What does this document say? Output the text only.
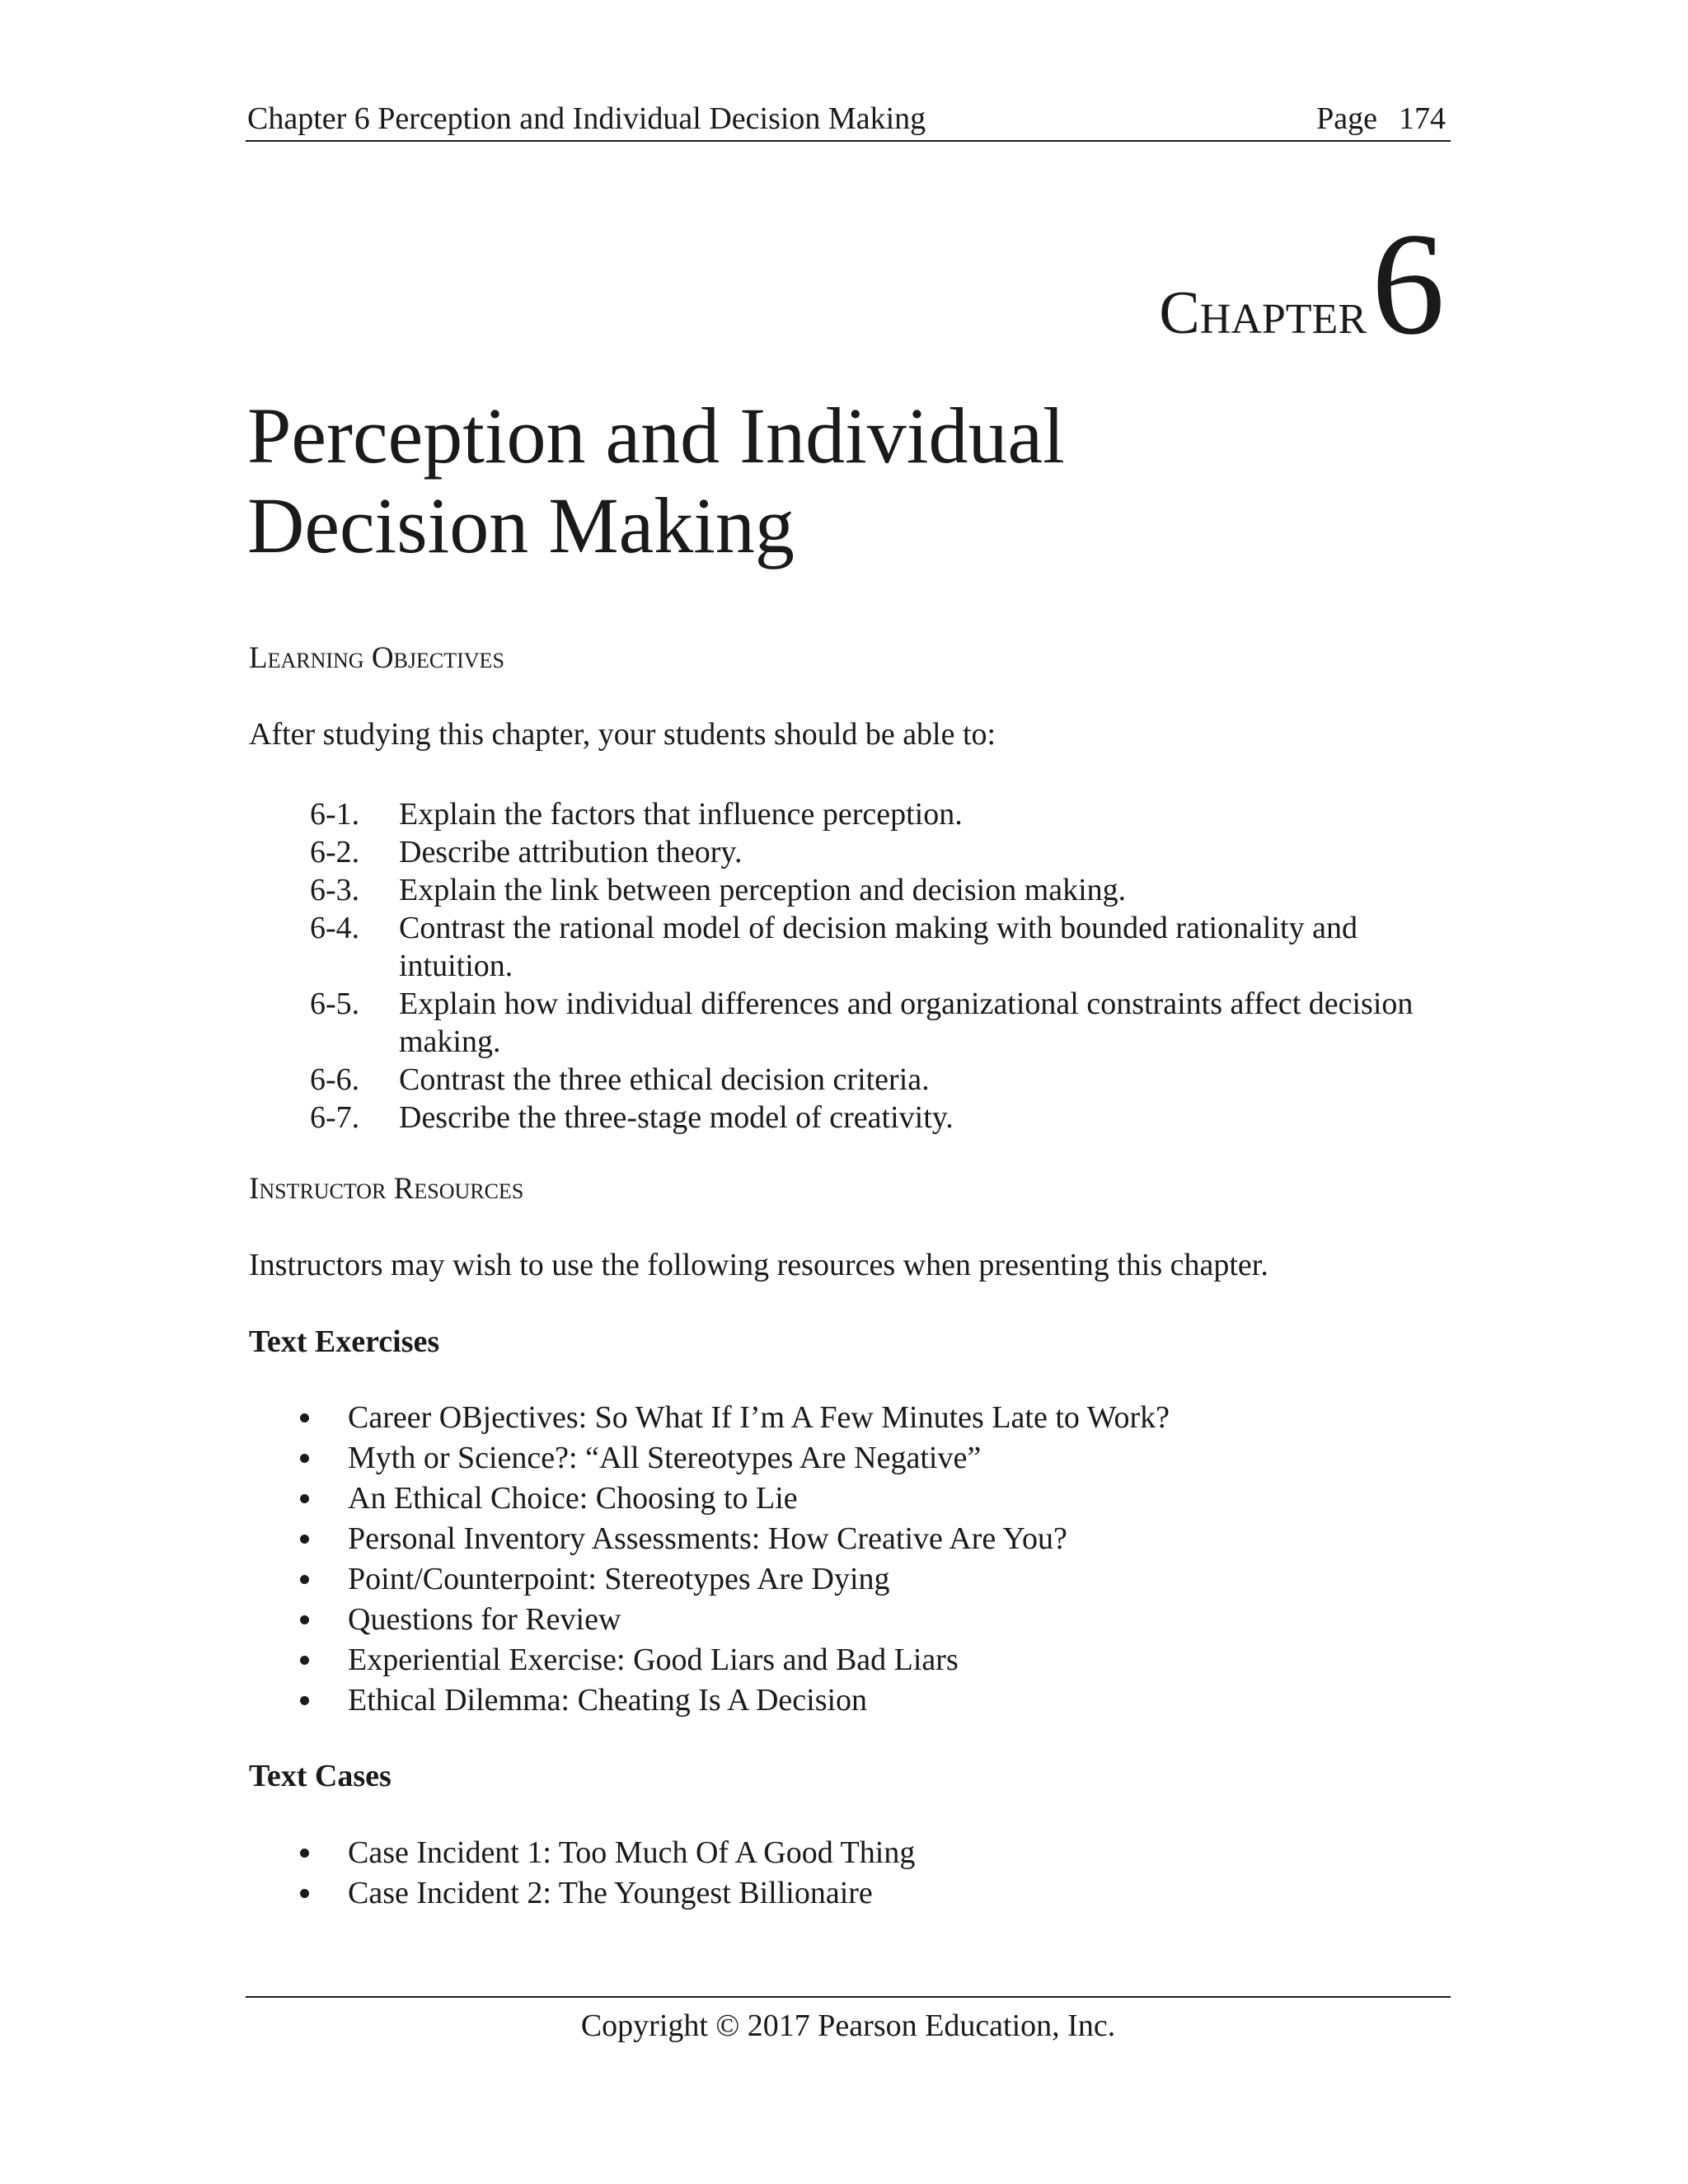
Chapter 6 Perception and Individual Decision Making	Page 174
Chapter6
Perception and Individual
Decision Making
Learning Objectives

After studying this chapter, your students should be able to:

6-1.	Explain the factors that influence perception.
6-2.	Describe attribution theory.
6-3.	Explain the link between perception and decision making.
6-4.	Contrast the rational model of decision making with bounded rationality and intuition.
6-5.	Explain how individual differences and organizational constraints affect decision making.
6-6.	Contrast the three ethical decision criteria.
6-7.	Describe the three-stage model of creativity.
Instructor Resources

Instructors may wish to use the following resources when presenting this chapter.

Text Exercises
Career OBjectives: So What If I’m A Few Minutes Late to Work?
Myth or Science?: “All Stereotypes Are Negative”
An Ethical Choice: Choosing to Lie
Personal Inventory Assessments: How Creative Are You?
Point/Counterpoint: Stereotypes Are Dying
Questions for Review
Experiential Exercise: Good Liars and Bad Liars
Ethical Dilemma: Cheating Is A Decision
Text Cases
Case Incident 1: Too Much Of A Good Thing
Case Incident 2: The Youngest Billionaire
Copyright © 2017 Pearson Education, Inc.
